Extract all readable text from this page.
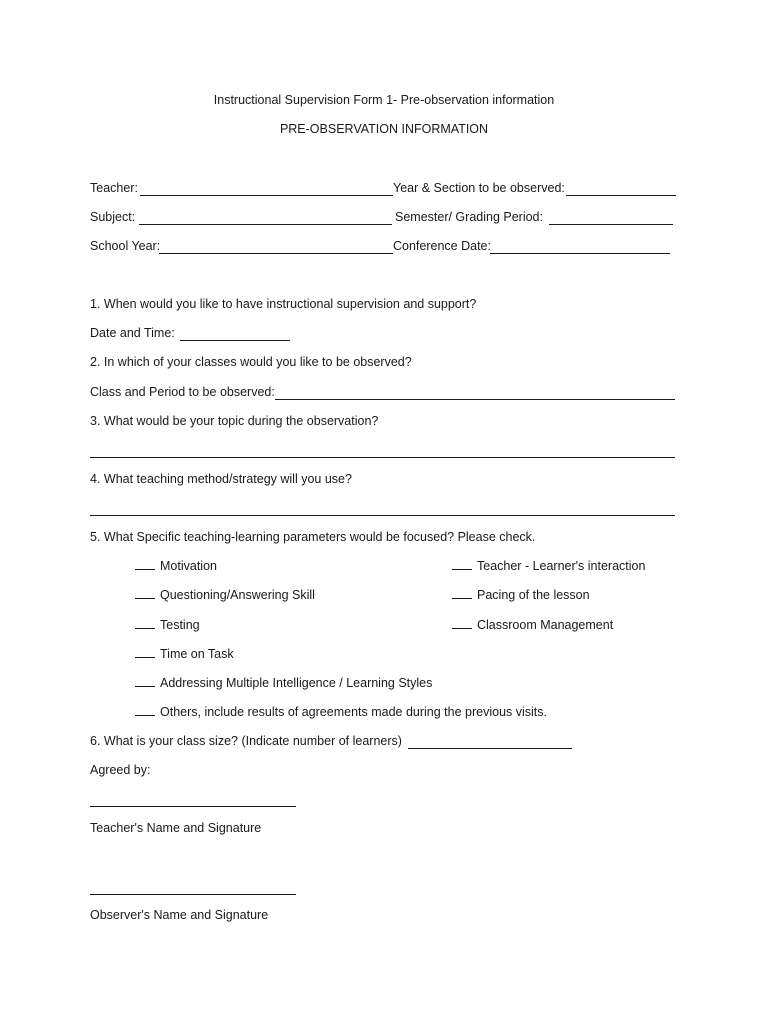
Instructional Supervision Form 1- Pre-observation information
PRE-OBSERVATION INFORMATION
Teacher:	Year & Section to be observed:
Subject:	Semester/ Grading Period:
School Year:	Conference Date:
1. When would you like to have instructional supervision and support?
Date and Time:
2. In which of your classes would you like to be observed?
Class and Period to be observed:
3. What would be your topic during the observation?
4. What teaching method/strategy will you use?
5. What Specific teaching-learning parameters would be focused? Please check.
Motivation	Teacher - Learner's interaction
Questioning/Answering Skill	Pacing of the lesson
Testing	Classroom Management
Time on Task
Addressing Multiple Intelligence / Learning Styles
Others, include results of agreements made during the previous visits.
6. What is your class size? (Indicate number of learners)
Agreed by:
Teacher's Name and Signature
Observer's Name and Signature
